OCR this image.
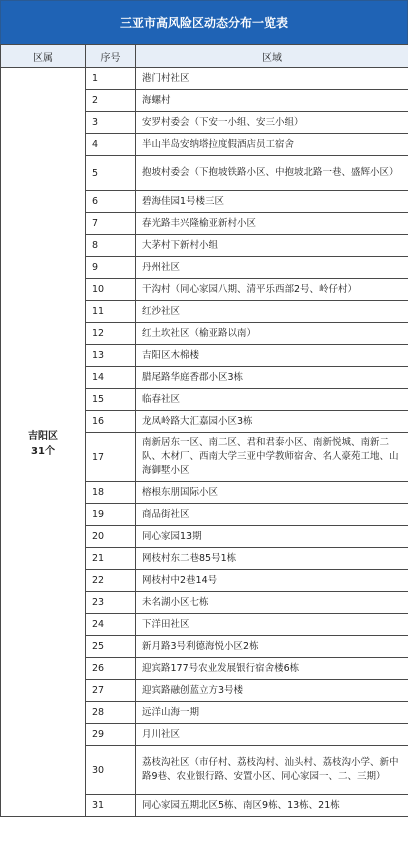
三亚市高风险区动态分布一览表
区属	序号	区域

吉阳区
31个	1	港门村社区
	2	海螺村
	3	安罗村委会（下安一小组、安三小组）
	4	半山半岛安纳塔拉度假酒店员工宿舍
	5	抱坡村委会（下抱坡铁路小区、中抱坡北路一巷、盛辉小区）
	6	碧海佳园1号楼三区
	7	春光路丰兴隆榆亚新村小区
	8	大茅村下新村小组
	9	丹州社区
	10	干沟村（同心家园八期、清平乐西部2号、岭仔村）
	11	红沙社区
	12	红土坎社区（榆亚路以南）
	13	吉阳区木棉楼
	14	腊尾路华庭香郡小区3栋
	15	临春社区
	16	龙凤岭路大汇嘉园小区3栋
	17	南新居东一区、南二区、君和君泰小区、南新悦城、南新二队、木材厂、西南大学三亚中学教师宿舍、名人豪苑工地、山海御墅小区
	18	榕根东朋国际小区
	19	商品街社区
	20	同心家园13期
	21	网枝村东二巷85号1栋
	22	网枝村中2巷14号
	23	未名湖小区七栋
	24	下洋田社区
	25	新月路3号利德海悦小区2栋
	26	迎宾路177号农业发展银行宿舍楼6栋
	27	迎宾路融创蓝立方3号楼
	28	远洋山海一期
	29	月川社区
	30	荔枝沟社区（市仔村、荔枝沟村、汕头村、荔枝沟小学、新中路9巷、农业银行路、安置小区、同心家园一、二、三期）
	31	同心家园五期北区5栋、南区9栋、13栋、21栋
